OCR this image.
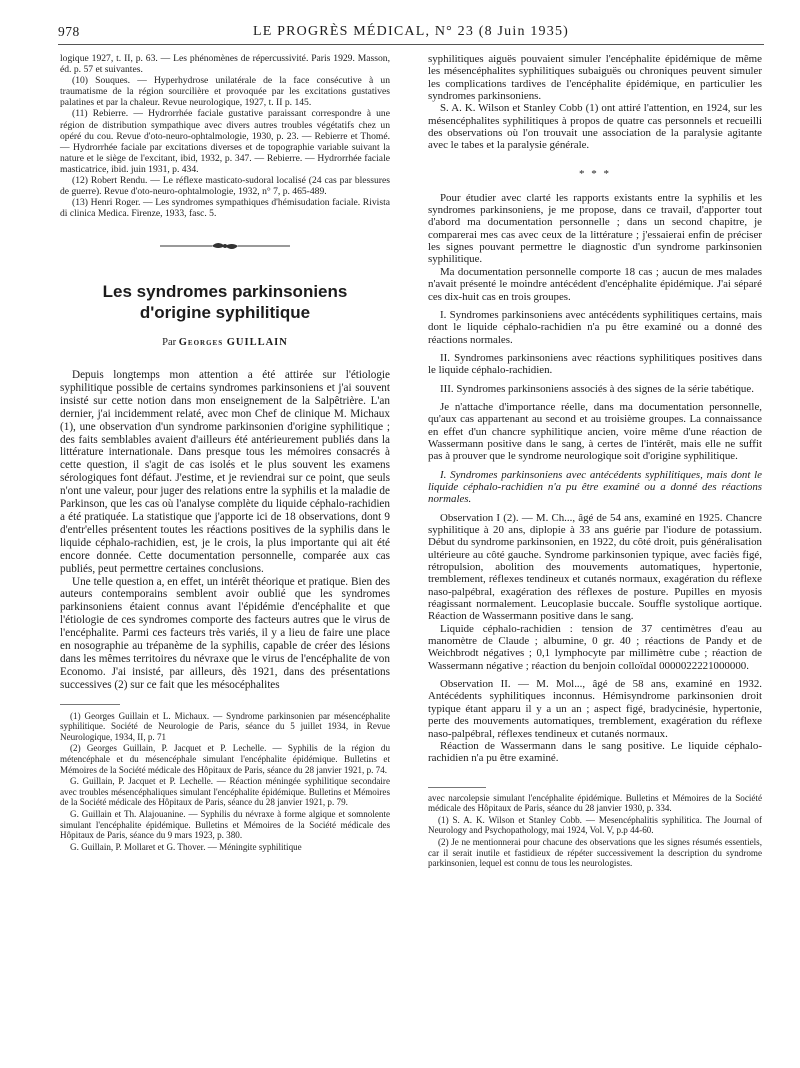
978	LE PROGRÈS MÉDICAL, N° 23 (8 Juin 1935)

logique 1927, t. II, p. 63. — Les phénomènes de répercussivité. Paris 1929. Masson, éd. p. 57 et suivantes.

(10) Souques. — Hyperhydrose unilatérale de la face consécutive à un traumatisme de la région sourcilière et provoquée par les excitations gustatives palatines et par la chaleur. Revue neurologique, 1927, t. II p. 145.

(11) Rebierre. — Hydrorrhée faciale gustative paraissant correspondre à une région de distribution sympathique avec divers autres troubles végétatifs chez un opéré du cou. Revue d'oto-neuro-ophtalmologie, 1930, p. 23. — Rebierre et Thomé. — Hydrorrhée faciale par excitations diverses et de topographie variable suivant la nature et le siège de l'excitant, ibid, 1932, p. 347. — Rebierre. — Hydrorrhée faciale masticatrice, ibid. juin 1931, p. 434.

(12) Robert Rendu. — Le réflexe masticato-sudoral localisé (24 cas par blessures de guerre). Revue d'oto-neuro-ophtalmologie, 1932, n° 7, p. 465-489.

(13) Henri Roger. — Les syndromes sympathiques d'hémisudation faciale. Rivista di clinica Medica. Firenze, 1933, fasc. 5.

Les syndromes parkinsoniens
d'origine syphilitique
Par Georges GUILLAIN

Depuis longtemps mon attention a été attirée sur l'étiologie syphilitique possible de certains syndromes parkinsoniens et j'ai souvent insisté sur cette notion dans mon enseignement de la Salpêtrière. L'an dernier, j'ai incidemment relaté, avec mon Chef de clinique M. Michaux (1), une observation d'un syndrome parkinsonien d'origine syphilitique ; des faits semblables avaient d'ailleurs été antérieurement publiés dans la littérature internationale. Dans presque tous les mémoires consacrés à cette question, il s'agit de cas isolés et le plus souvent les examens sérologiques font défaut. J'estime, et je reviendrai sur ce point, que seuls n'ont une valeur, pour juger des relations entre la syphilis et la maladie de Parkinson, que les cas où l'analyse complète du liquide céphalo-rachidien a été pratiquée. La statistique que j'apporte ici de 18 observations, dont 9 d'entr'elles présentent toutes les réactions positives de la syphilis dans le liquide céphalo-rachidien, est, je le crois, la plus importante qui ait été encore donnée. Cette documentation personnelle, comparée aux cas publiés, peut permettre certaines conclusions.

Une telle question a, en effet, un intérêt théorique et pratique. Bien des auteurs contemporains semblent avoir oublié que les syndromes parkinsoniens étaient connus avant l'épidémie d'encéphalite et que l'étiologie de ces syndromes comporte des facteurs autres que le virus de l'encéphalite. Parmi ces facteurs très variés, il y a lieu de faire une place en nosographie au trépanème de la syphilis, capable de créer des lésions dans les mêmes territoires du névraxe que le virus de l'encéphalite de von Economo. J'ai insisté, par ailleurs, dès 1921, dans des présentations successives (2) sur ce fait que les mésocéphalites

(1) Georges Guillain et L. Michaux. — Syndrome parkinsonien par mésencéphalite syphilitique. Société de Neurologie de Paris, séance du 5 juillet 1934, in Revue Neurologique, 1934, II, p. 71

(2) Georges Guillain, P. Jacquet et P. Lechelle. — Syphilis de la région du métencéphale et du mésencéphale simulant l'encéphalite épidémique. Bulletins et Mémoires de la Société médicale des Hôpitaux de Paris, séance du 28 janvier 1921, p. 74.

G. Guillain, P. Jacquet et P. Lechelle. — Réaction méningée syphilitique secondaire avec troubles mésencéphaliques simulant l'encéphalite épidémique. Bulletins et Mémoires de la Société médicale des Hôpitaux de Paris, séance du 28 janvier 1921, p. 79.

G. Guillain et Th. Alajouanine. — Syphilis du névraxe à forme algique et somnolente simulant l'encéphalite épidémique. Bulletins et Mémoires de la Société médicale des Hôpitaux de Paris, séance du 9 mars 1923, p. 380.

G. Guillain, P. Mollaret et G. Thover. — Méningite syphilitique

syphilitiques aiguës pouvaient simuler l'encéphalite épidémique de même les mésencéphalites syphilitiques subaiguës ou chroniques peuvent simuler les complications tardives de l'encéphalite épidémique, en particulier les syndromes parkinsoniens.

S. A. K. Wilson et Stanley Cobb (1) ont attiré l'attention, en 1924, sur les mésencéphalites syphilitiques à propos de quatre cas personnels et recueilli des observations où l'on trouvait une association de la paralysie agitante avec le tabes et la paralysie générale.

* * *

Pour étudier avec clarté les rapports existants entre la syphilis et les syndromes parkinsoniens, je me propose, dans ce travail, d'apporter tout d'abord ma documentation personnelle ; dans un second chapitre, je comparerai mes cas avec ceux de la littérature ; j'essaierai enfin de préciser les signes pouvant permettre le diagnostic d'un syndrome parkinsonien syphilitique.

Ma documentation personnelle comporte 18 cas ; aucun de mes malades n'avait présenté le moindre antécédent d'encéphalite épidémique. J'ai séparé ces dix-huit cas en trois groupes.

I. Syndromes parkinsoniens avec antécédents syphilitiques certains, mais dont le liquide céphalo-rachidien n'a pu être examiné ou a donné des réactions normales.

II. Syndromes parkinsoniens avec réactions syphilitiques positives dans le liquide céphalo-rachidien.

III. Syndromes parkinsoniens associés à des signes de la série tabétique.

Je n'attache d'importance réelle, dans ma documentation personnelle, qu'aux cas appartenant au second et au troisième groupes. La connaissance en effet d'un chancre syphilitique ancien, voire même d'une réaction de Wassermann positive dans le sang, à certes de l'intérêt, mais elle ne suffit pas à prouver que le syndrome neurologique soit d'origine syphilitique.

I. Syndromes parkinsoniens avec antécédents syphilitiques, mais dont le liquide céphalo-rachidien n'a pu être examiné ou a donné des réactions normales.

Observation I (2). — M. Ch..., âgé de 54 ans, examiné en 1925. Chancre syphilitique à 20 ans, diplopie à 33 ans guérie par l'iodure de potassium. Début du syndrome parkinsonien, en 1922, du côté droit, puis généralisation ultérieure au côté gauche. Syndrome parkinsonien typique, avec faciès figé, rétropulsion, abolition des mouvements automatiques, hypertonie, tremblement, réflexes tendineux et cutanés normaux, exagération du réflexe naso-palpébral, exagération des réflexes de posture. Pupilles en myosis réagissant normalement. Leucoplasie buccale. Souffle systolique aortique. Réaction de Wassermann positive dans le sang.

Liquide céphalo-rachidien : tension de 37 centimètres d'eau au manomètre de Claude ; albumine, 0 gr. 40 ; réactions de Pandy et de Weichbrodt négatives ; 0,1 lymphocyte par millimètre cube ; réaction de Wassermann négative ; réaction du benjoin colloïdal 0000022221000000.

Observation II. — M. Mol..., âgé de 58 ans, examiné en 1932. Antécédents syphilitiques inconnus. Hémisyndrome parkinsonien droit typique étant apparu il y a un an ; aspect figé, bradycinésie, hypertonie, perte des mouvements automatiques, tremblement, exagération du réflexe naso-palpébral, réflexes tendineux et cutanés normaux.

Réaction de Wassermann dans le sang positive. Le liquide céphalo-rachidien n'a pu être examiné.

avec narcolepsie simulant l'encéphalite épidémique. Bulletins et Mémoires de la Société médicale des Hôpitaux de Paris, séance du 28 janvier 1930, p. 334.

(1) S. A. K. Wilson et Stanley Cobb. — Mesencéphalitis syphilitica. The Journal of Neurology and Psychopathology, mai 1924, Vol. V, p.p 44-60.

(2) Je ne mentionnerai pour chacune des observations que les signes résumés essentiels, car il serait inutile et fastidieux de répéter successivement la description du syndrome parkinsonien, lequel est connu de tous les neurologistes.
